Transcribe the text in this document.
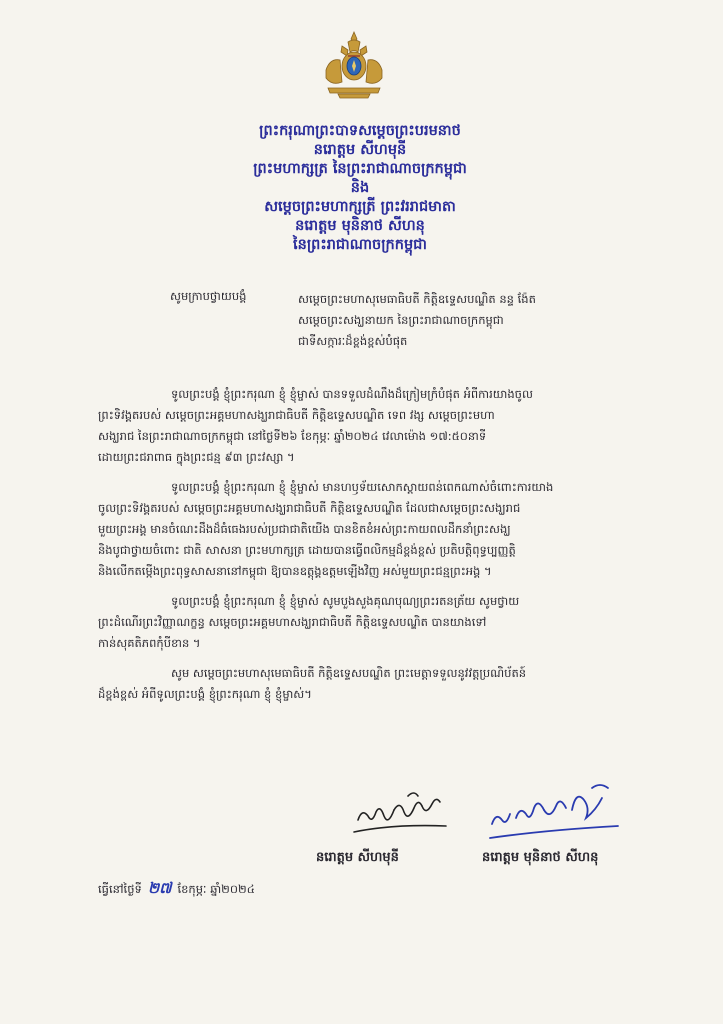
ព្រះករុណាព្រះបាទសម្តេចព្រះបរមនាថ
នរោត្តម សីហមុនី
ព្រះមហាក្សត្រ នៃព្រះរាជាណាចក្រកម្ពុជា
និង
សម្តេចព្រះមហាក្សត្រី ព្រះវររាជមាតា
នរោត្តម មុនិនាថ សីហនុ
នៃព្រះរាជាណាចក្រកម្ពុជា
សូមក្រាបថ្វាយបង្គំ	សម្តេចព្រះមហាសុមេធាធិបតី កិត្តិឧទ្ទេសបណ្ឌិត នន្ទ ង៉ែត
សម្តេចព្រះសង្ឃនាយក នៃព្រះរាជាណាចក្រកម្ពុជា
ជាទីសក្ការៈដ៏ខ្ពង់ខ្ពស់បំផុត
ទូលព្រះបង្គំ ខ្ញុំព្រះករុណា ខ្ញុំ ខ្ញុំម្ចាស់ បានទទួលដំណឹងដ៏ក្រៀមក្រំបំផុត អំពីការយាងចូល
ព្រះទិវង្គតរបស់ សម្តេចព្រះអគ្គមហាសង្ឃរាជាធិបតី កិត្តិឧទ្ទេសបណ្ឌិត ទេព វង្ស សម្តេចព្រះមហា
សង្ឃរាជ នៃព្រះរាជាណាចក្រកម្ពុជា នៅថ្ងៃទី២៦ ខែកុម្ភៈ ឆ្នាំ២០២៤ វេលាម៉ោង ១៧:៥០នាទី
ដោយព្រះជរាពាធ ក្នុងព្រះជន្ម ៩៣ ព្រះវស្សា ។
ទូលព្រះបង្គំ ខ្ញុំព្រះករុណា ខ្ញុំ ខ្ញុំម្ចាស់ មានហឫទ័យសោកស្តាយពន់ពេកណាស់ចំពោះការយាង
ចូលព្រះទិវង្គតរបស់ សម្តេចព្រះអគ្គមហាសង្ឃរាជាធិបតី កិត្តិឧទ្ទេសបណ្ឌិត ដែលជាសម្តេចព្រះសង្ឃរាជ
មួយព្រះអង្គ មានចំណេះដឹងដ៏ធំធេងរបស់ប្រជាជាតិយើង បានខិតខំអស់ព្រះកាយពលដឹកនាំព្រះសង្ឃ
និងបូជាថ្វាយចំពោះ ជាតិ សាសនា ព្រះមហាក្សត្រ ដោយបានធ្វើពលិកម្មដ៏ខ្ពង់ខ្ពស់ ប្រតិបត្តិពុទ្ធប្បញ្ញត្តិ
និងលើកតម្កើងព្រះពុទ្ធសាសនានៅកម្ពុជា ឱ្យបានឧត្តុង្គឧត្តមឡើងវិញ អស់មួយព្រះជន្មព្រះអង្គ ។
ទូលព្រះបង្គំ ខ្ញុំព្រះករុណា ខ្ញុំ ខ្ញុំម្ចាស់ សូមបួងសួងគុណបុណ្យព្រះរតនត្រ័យ សូមថ្វាយ
ព្រះដំណើរព្រះវិញ្ញាណក្ខន្ធ សម្តេចព្រះអគ្គមហាសង្ឃរាជាធិបតី កិត្តិឧទ្ទេសបណ្ឌិត បានយាងទៅ
កាន់សុគតិភពកុំបីខាន ។
សូម សម្តេចព្រះមហាសុមេធាធិបតី កិត្តិឧទ្ទេសបណ្ឌិត ព្រះមេត្តាទទួលនូវវត្តប្រណិប័តន៍
ដ៏ខ្ពង់ខ្ពស់ អំពីទូលព្រះបង្គំ ខ្ញុំព្រះករុណា ខ្ញុំ ខ្ញុំម្ចាស់។
នរោត្តម សីហមុនី	នរោត្តម មុនិនាថ សីហនុ
ធ្វើនៅថ្ងៃទី ២៧ ខែកុម្ភៈ ឆ្នាំ២០២៤
